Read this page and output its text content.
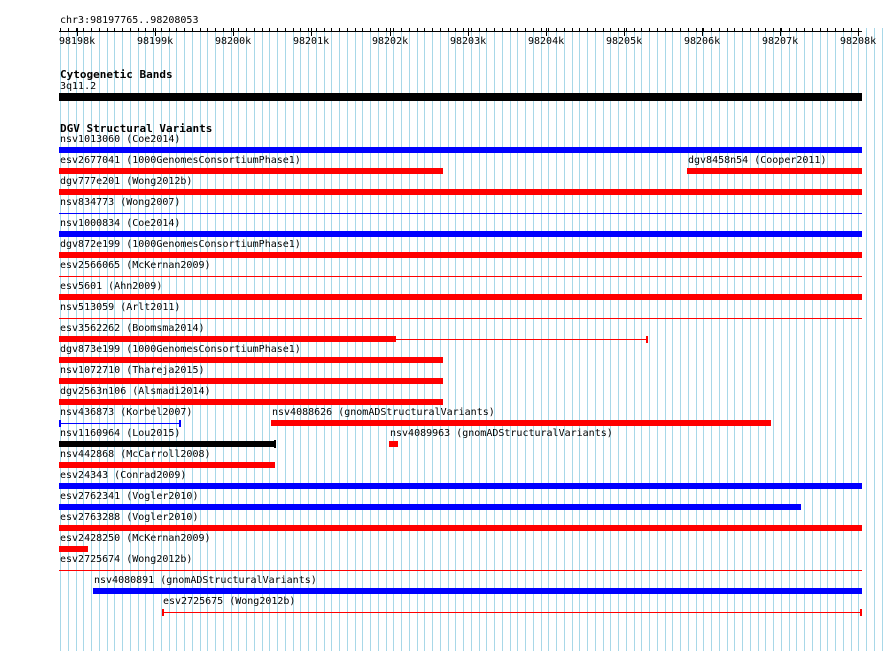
chr3:98197765..98208053
98198k	98199k	98200k	98201k	98202k	98203k	98204k	98205k	98206k	98207k	98208k
Cytogenetic Bands
3q11.2
DGV Structural Variants
nsv1013060 (Coe2014)
esv2677041 (1000GenomesConsortiumPhase1)	dgv8458n54 (Cooper2011)
dgv777e201 (Wong2012b)
nsv834773 (Wong2007)
nsv1000834 (Coe2014)
dgv872e199 (1000GenomesConsortiumPhase1)
esv2566065 (McKernan2009)
esv5601 (Ahn2009)
nsv513059 (Arlt2011)
esv3562262 (Boomsma2014)
dgv873e199 (1000GenomesConsortiumPhase1)
nsv1072710 (Thareja2015)
dgv2563n106 (Alsmadi2014)
nsv436873 (Korbel2007)	nsv4088626 (gnomADStructuralVariants)
nsv1160964 (Lou2015)	nsv4089963 (gnomADStructuralVariants)
nsv442868 (McCarroll2008)
esv24343 (Conrad2009)
esv2762341 (Vogler2010)
esv2763288 (Vogler2010)
esv2428250 (McKernan2009)
esv2725674 (Wong2012b)
nsv4080891 (gnomADStructuralVariants)
esv2725675 (Wong2012b)
